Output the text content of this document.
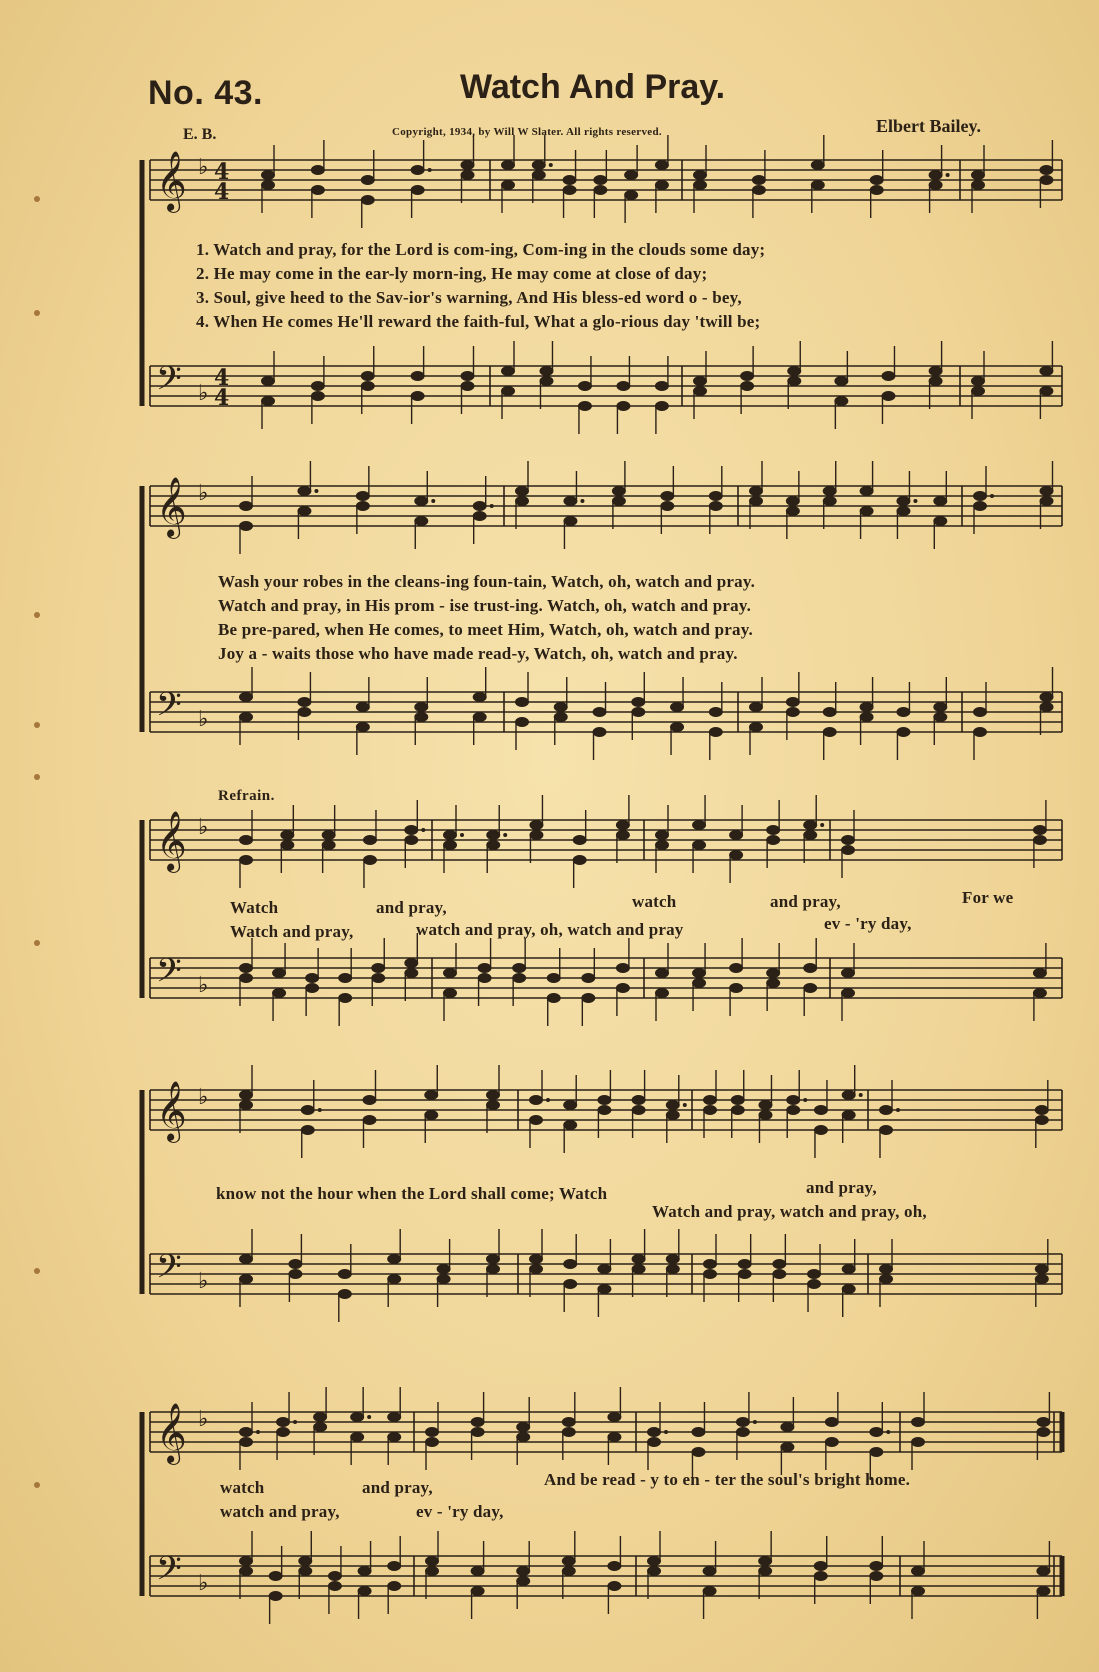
No. 43.	Watch And Pray.
E. B.	Copyright, 1934, by Will W Slater. All rights reserved.	Elbert Bailey.
𝄞 ♭ 4
4
𝄢 ♭
4
4
𝄞 ♭
𝄢 ♭
𝄞 ♭
𝄢 ♭
𝄞 ♭
𝄢 ♭
𝄞 ♭
𝄢 ♭
1. Watch and pray, for the Lord is com-ing, Com-ing in the clouds some day;
2. He may come in the ear-ly morn-ing, He may come at close of day;
3. Soul, give heed to the Sav-ior's warning, And His bless-ed word o - bey,
4. When He comes He'll reward the faith-ful, What a glo-rious day 'twill be;
Wash your robes in the cleans-ing foun-tain, Watch, oh, watch and pray.
Watch and pray, in His prom - ise trust-ing. Watch, oh, watch and pray.
Be pre-pared, when He comes, to meet Him, Watch, oh, watch and pray.
Joy a - waits those who have made read-y, Watch, oh, watch and pray.
Refrain.
Watch	and pray,	watch	and pray,	For we
Watch and pray,	watch and pray, oh, watch and pray	ev - 'ry day,
know not the hour when the Lord shall come; Watch	and pray,
Watch and pray, watch and pray, oh,
watch	and pray,	And be read - y to en - ter the soul's bright home.
watch and pray,	ev - 'ry day,
